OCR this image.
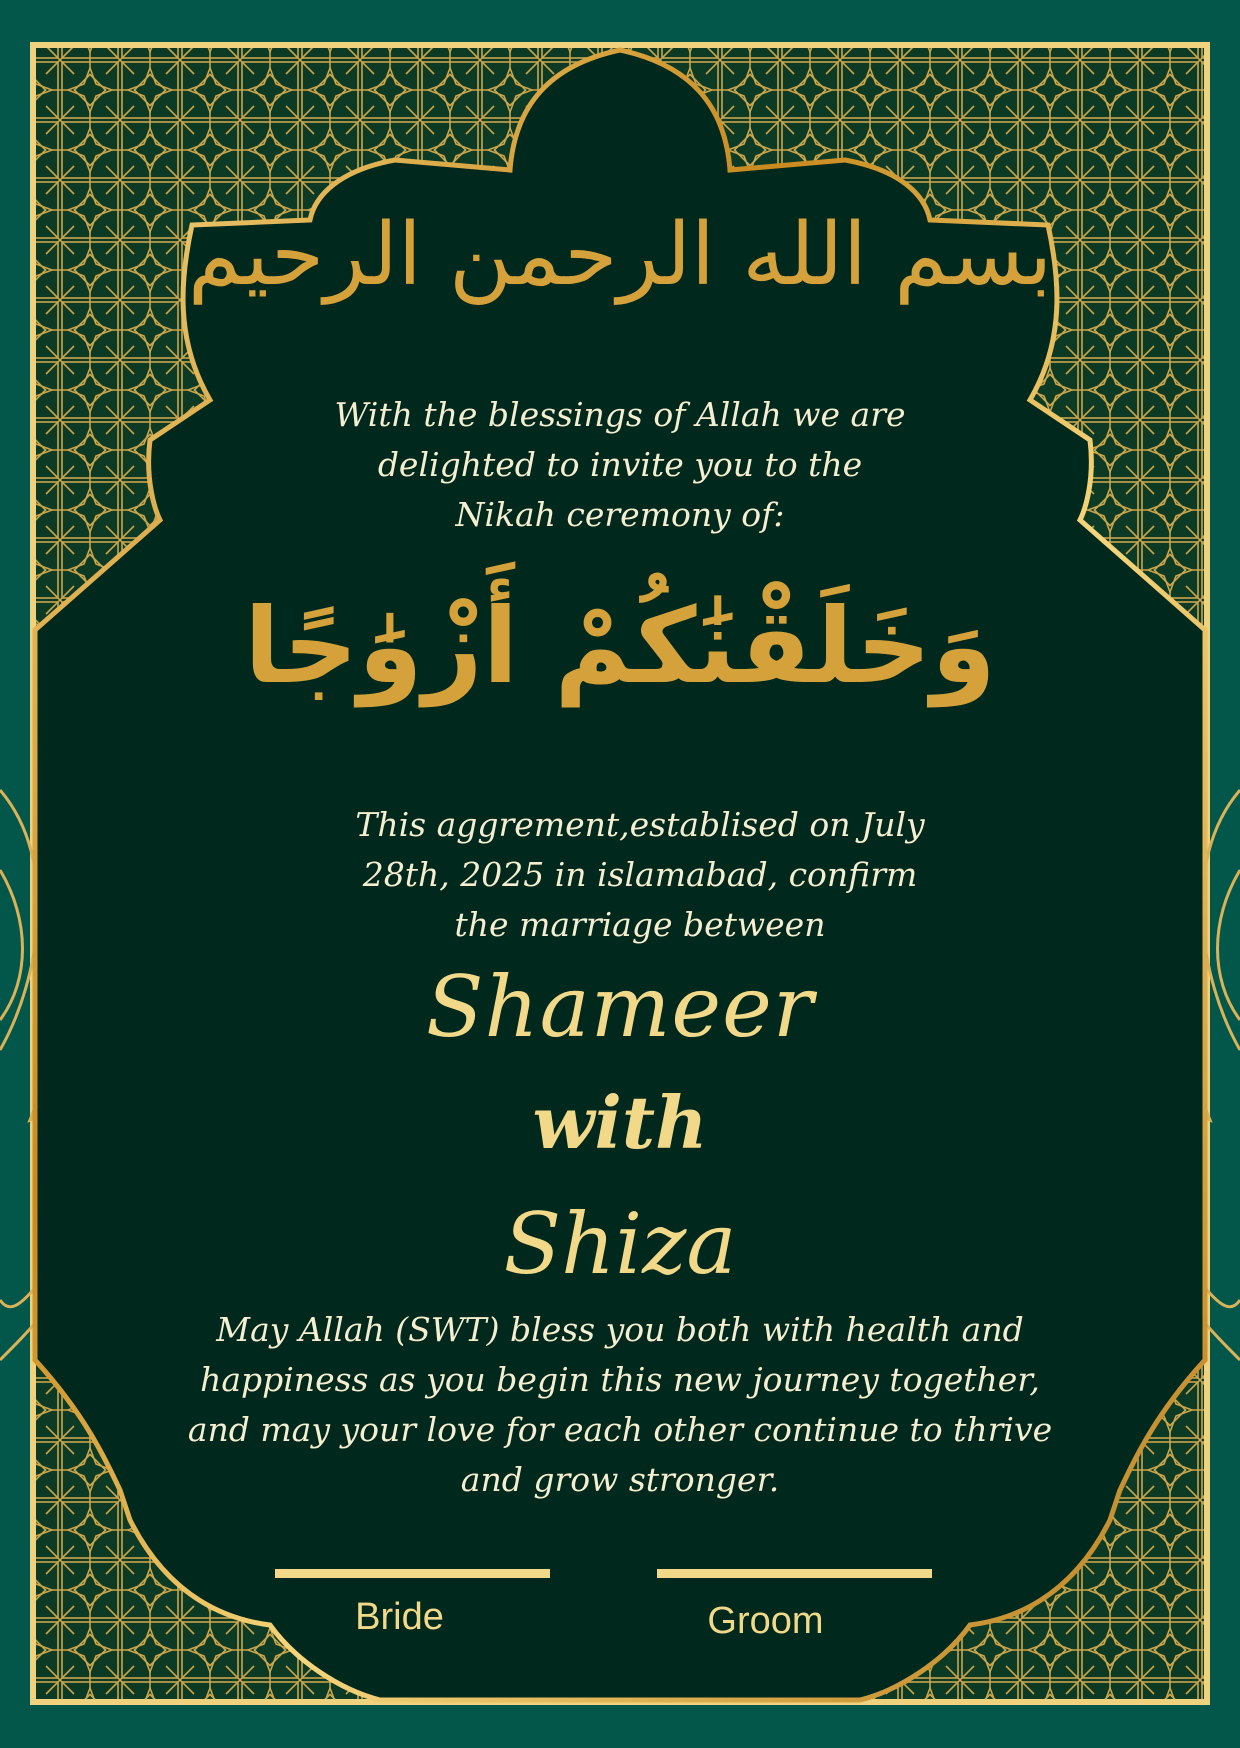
بسم الله الرحمن الرحيم

With the blessings of Allah we are
delighted to invite you to the
Nikah ceremony of:

وَخَلَقْنَٰكُمْ أَزْوَٰجًا

This aggrement,establised on July
28th, 2025 in islamabad, confirm
the marriage between

Shameer
with
Shiza

May Allah (SWT) bless you both with health and
happiness as you begin this new journey together,
and may your love for each other continue to thrive
and grow stronger.

Bride	Groom
